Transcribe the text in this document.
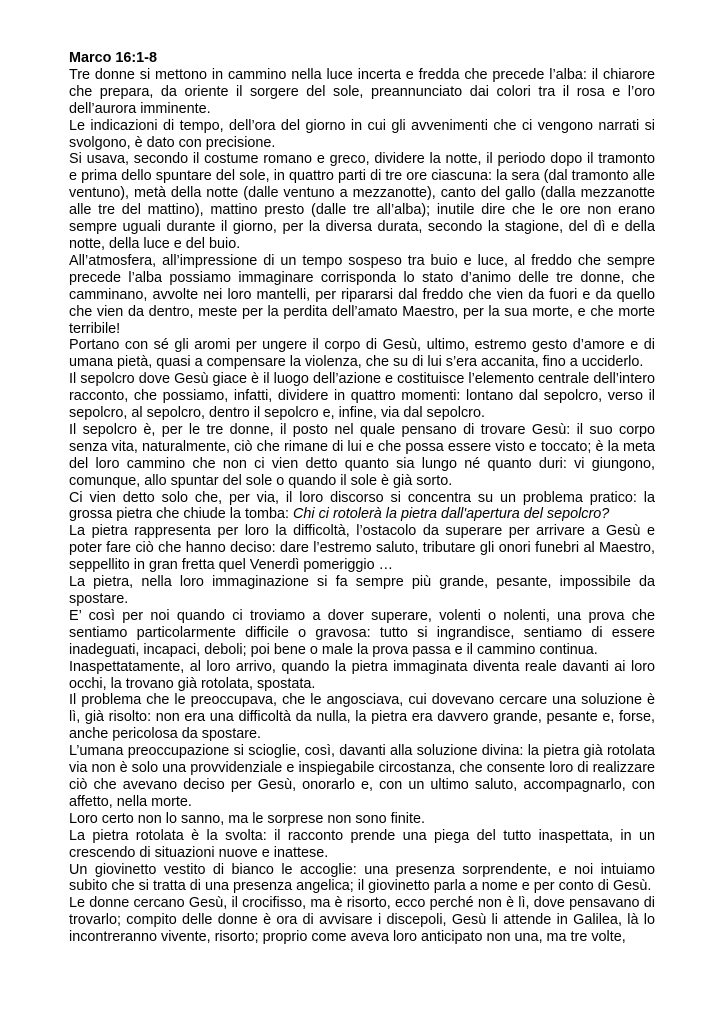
Marco 16:1-8

Tre donne si mettono in cammino nella luce incerta e fredda che precede l’alba: il chiarore che prepara, da oriente il sorgere del sole, preannunciato dai colori tra il rosa e l’oro dell’aurora imminente.

Le indicazioni di tempo, dell’ora del giorno in cui gli avvenimenti che ci vengono narrati si svolgono, è dato con precisione.

Si usava, secondo il costume romano e greco, dividere la notte, il periodo dopo il tramonto e prima dello spuntare del sole, in quattro parti di tre ore ciascuna: la sera (dal tramonto alle ventuno), metà della notte (dalle ventuno a mezzanotte), canto del gallo (dalla mezzanotte alle tre del mattino), mattino presto (dalle tre all’alba); inutile dire che le ore non erano sempre uguali durante il giorno, per la diversa durata, secondo la stagione, del dì e della notte, della luce e del buio.

All’atmosfera, all’impressione di un tempo sospeso tra buio e luce, al freddo che sempre precede l’alba possiamo immaginare corrisponda lo stato d’animo delle tre donne, che camminano, avvolte nei loro mantelli, per ripararsi dal freddo che vien da fuori e da quello che vien da dentro, meste per la perdita dell’amato Maestro, per la sua morte, e che morte terribile!

Portano con sé gli aromi per ungere il corpo di Gesù, ultimo, estremo gesto d’amore e di umana pietà, quasi a compensare la violenza, che su di lui s’era accanita, fino a ucciderlo.

Il sepolcro dove Gesù giace è il luogo dell’azione e costituisce l’elemento centrale dell’intero racconto, che possiamo, infatti, dividere in quattro momenti: lontano dal sepolcro, verso il sepolcro, al sepolcro, dentro il sepolcro e, infine, via dal sepolcro.

Il sepolcro è, per le tre donne, il posto nel quale pensano di trovare Gesù: il suo corpo senza vita, naturalmente, ciò che rimane di lui e che possa essere visto e toccato; è la meta del loro cammino che non ci vien detto quanto sia lungo né quanto duri: vi giungono, comunque, allo spuntar del sole o quando il sole è già sorto.

Ci vien detto solo che, per via, il loro discorso si concentra su un problema pratico: la grossa pietra che chiude la tomba: Chi ci rotolerà la pietra dall'apertura del sepolcro?

La pietra rappresenta per loro la difficoltà, l’ostacolo da superare per arrivare a Gesù e poter fare ciò che hanno deciso: dare l’estremo saluto, tributare gli onori funebri al Maestro, seppellito in gran fretta quel Venerdì pomeriggio …

La pietra, nella loro immaginazione si fa sempre più grande, pesante, impossibile da spostare.

E’ così per noi quando ci troviamo a dover superare, volenti o nolenti, una prova che sentiamo particolarmente difficile o gravosa: tutto si ingrandisce, sentiamo di essere inadeguati, incapaci, deboli; poi bene o male la prova passa e il cammino continua.

Inaspettatamente, al loro arrivo, quando la pietra immaginata diventa reale davanti ai loro occhi, la trovano già rotolata, spostata.

Il problema che le preoccupava, che le angosciava, cui dovevano cercare una soluzione è lì, già risolto: non era una difficoltà da nulla, la pietra era davvero grande, pesante e, forse, anche pericolosa da spostare.

L’umana preoccupazione si scioglie, così, davanti alla soluzione divina: la pietra già rotolata via non è solo una provvidenziale e inspiegabile circostanza, che consente loro di realizzare ciò che avevano deciso per Gesù, onorarlo e, con un ultimo saluto, accompagnarlo, con affetto, nella morte.

Loro certo non lo sanno, ma le sorprese non sono finite.

La pietra rotolata è la svolta: il racconto prende una piega del tutto inaspettata, in un crescendo di situazioni nuove e inattese.

Un giovinetto vestito di bianco le accoglie: una presenza sorprendente, e noi intuiamo subito che si tratta di una presenza angelica; il giovinetto parla a nome e per conto di Gesù.

Le donne cercano Gesù, il crocifisso, ma è risorto, ecco perché non è lì, dove pensavano di trovarlo; compito delle donne è ora di avvisare i discepoli, Gesù li attende in Galilea, là lo incontreranno vivente, risorto; proprio come aveva loro anticipato non una, ma tre volte,
